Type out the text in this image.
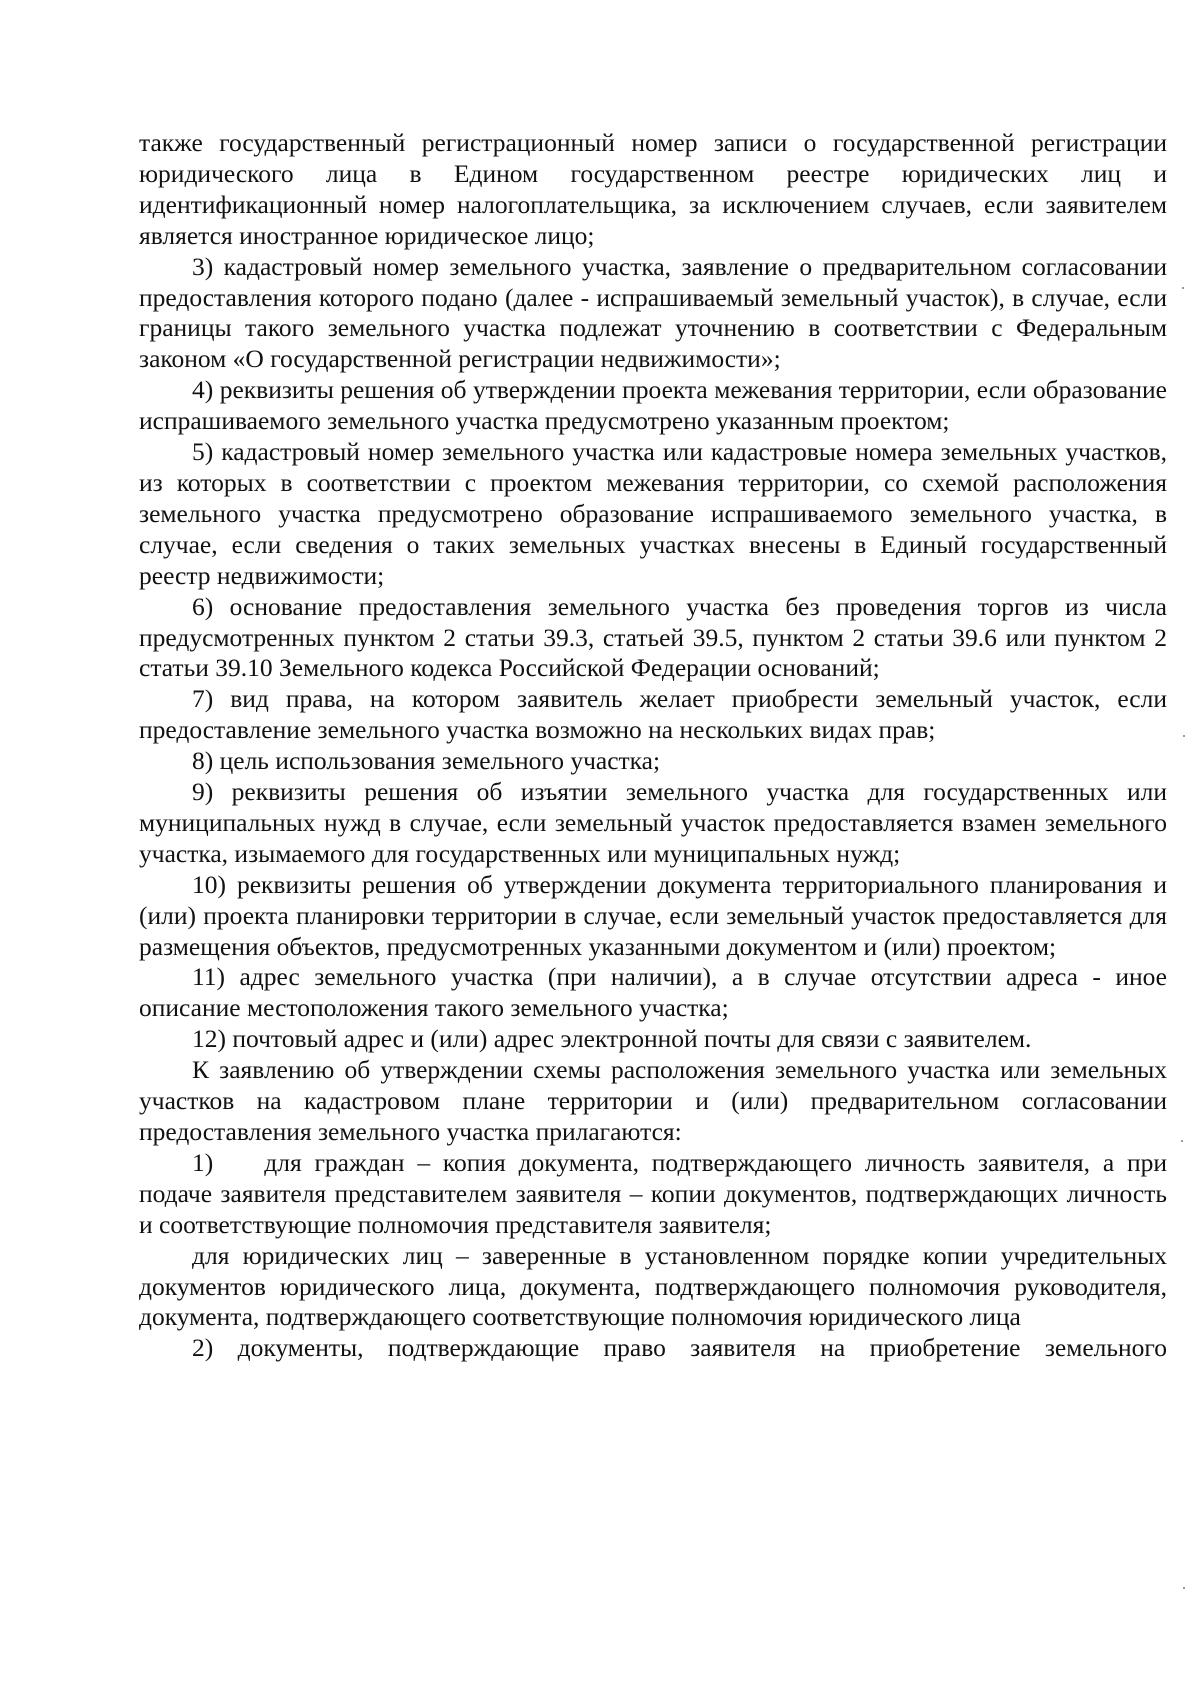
также государственный регистрационный номер записи о государственной регистрации юридического лица в Едином государственном реестре юридических лиц и идентификационный номер налогоплательщика, за исключением случаев, если заявителем является иностранное юридическое лицо;

3) кадастровый номер земельного участка, заявление о предварительном согласовании предоставления которого подано (далее - испрашиваемый земельный участок), в случае, если границы такого земельного участка подлежат уточнению в соответствии с Федеральным законом «О государственной регистрации недвижимости»;

4) реквизиты решения об утверждении проекта межевания территории, если образование испрашиваемого земельного участка предусмотрено указанным проектом;

5) кадастровый номер земельного участка или кадастровые номера земельных участков, из которых в соответствии с проектом межевания территории, со схемой расположения земельного участка предусмотрено образование испрашиваемого земельного участка, в случае, если сведения о таких земельных участках внесены в Единый государственный реестр недвижимости;

6) основание предоставления земельного участка без проведения торгов из числа предусмотренных пунктом 2 статьи 39.3, статьей 39.5, пунктом 2 статьи 39.6 или пунктом 2 статьи 39.10 Земельного кодекса Российской Федерации оснований;

7) вид права, на котором заявитель желает приобрести земельный участок, если предоставление земельного участка возможно на нескольких видах прав;

8) цель использования земельного участка;

9) реквизиты решения об изъятии земельного участка для государственных или муниципальных нужд в случае, если земельный участок предоставляется взамен земельного участка, изымаемого для государственных или муниципальных нужд;

10) реквизиты решения об утверждении документа территориального планирования и (или) проекта планировки территории в случае, если земельный участок предоставляется для размещения объектов, предусмотренных указанными документом и (или) проектом;

11) адрес земельного участка (при наличии), а в случае отсутствии адреса - иное описание местоположения такого земельного участка;

12) почтовый адрес и (или) адрес электронной почты для связи с заявителем.

К заявлению об утверждении схемы расположения земельного участка или земельных участков на кадастровом плане территории и (или) предварительном согласовании предоставления земельного участка прилагаются:

1)  для граждан – копия документа, подтверждающего личность заявителя, а при подаче заявителя представителем заявителя – копии документов, подтверждающих личность и соответствующие полномочия представителя заявителя;

для юридических лиц – заверенные в установленном порядке копии учредительных документов юридического лица, документа, подтверждающего полномочия руководителя, документа, подтверждающего соответствующие полномочия юридического лица

2) документы, подтверждающие право заявителя на приобретение земельного
